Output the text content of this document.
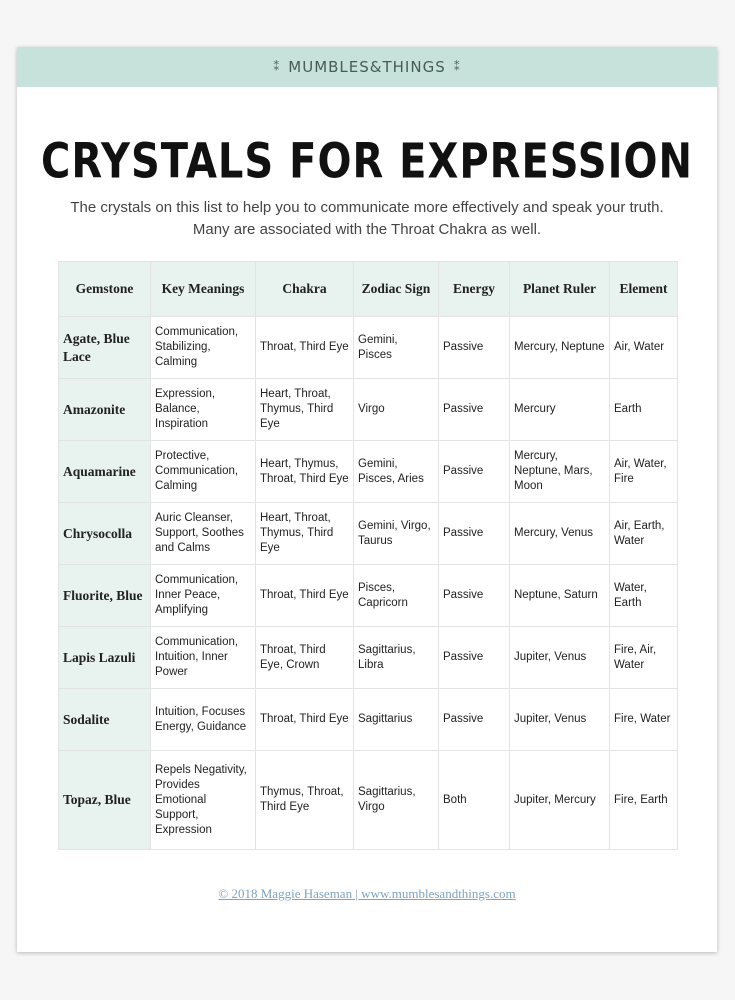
⁑ MUMBLES&THINGS ⁑
CRYSTALS FOR EXPRESSION
The crystals on this list to help you to communicate more effectively and speak your truth.
Many are associated with the Throat Chakra as well.
Gemstone	Key Meanings	Chakra	Zodiac Sign	Energy	Planet Ruler	Element
Agate, Blue Lace	Communication, Stabilizing, Calming	Throat, Third Eye	Gemini, Pisces	Passive	Mercury, Neptune	Air, Water
Amazonite	Expression, Balance, Inspiration	Heart, Throat, Thymus, Third Eye	Virgo	Passive	Mercury	Earth
Aquamarine	Protective, Communication, Calming	Heart, Thymus, Throat, Third Eye	Gemini, Pisces, Aries	Passive	Mercury, Neptune, Mars, Moon	Air, Water, Fire
Chrysocolla	Auric Cleanser, Support, Soothes and Calms	Heart, Throat, Thymus, Third Eye	Gemini, Virgo, Taurus	Passive	Mercury, Venus	Air, Earth, Water
Fluorite, Blue	Communication, Inner Peace, Amplifying	Throat, Third Eye	Pisces, Capricorn	Passive	Neptune, Saturn	Water, Earth
Lapis Lazuli	Communication, Intuition, Inner Power	Throat, Third Eye, Crown	Sagittarius, Libra	Passive	Jupiter, Venus	Fire, Air, Water
Sodalite	Intuition, Focuses Energy, Guidance	Throat, Third Eye	Sagittarius	Passive	Jupiter, Venus	Fire, Water
Topaz, Blue	Repels Negativity, Provides Emotional Support, Expression	Thymus, Throat, Third Eye	Sagittarius, Virgo	Both	Jupiter, Mercury	Fire, Earth
© 2018 Maggie Haseman | www.mumblesandthings.com
